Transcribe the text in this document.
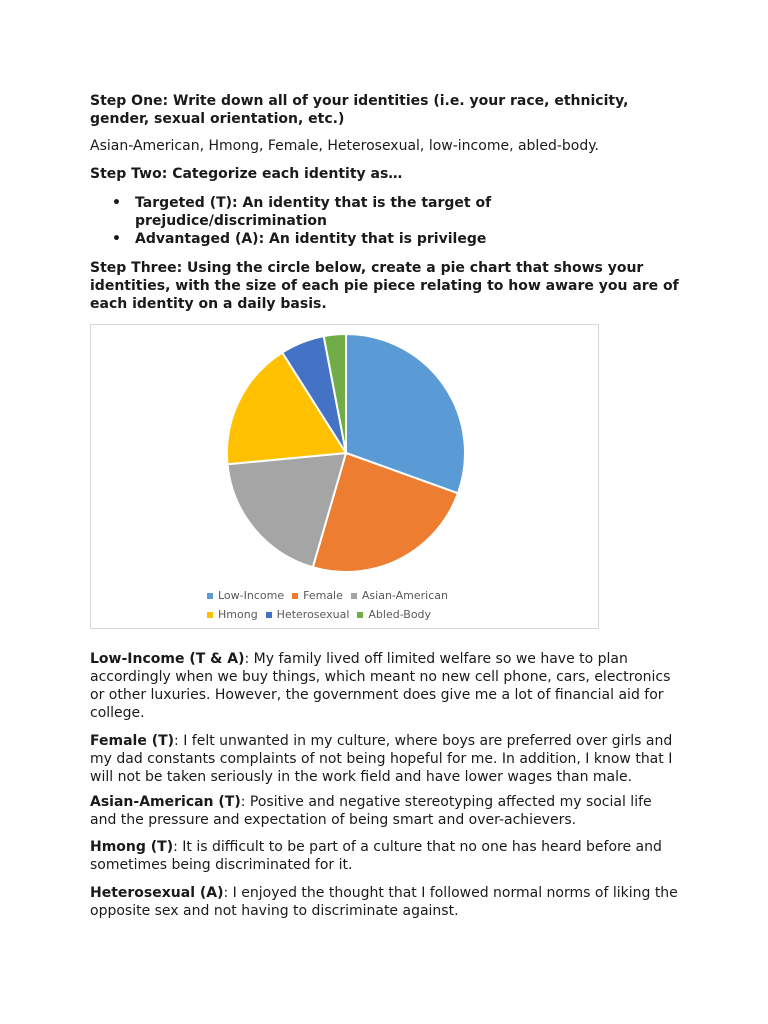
Step One: Write down all of your identities (i.e. your race, ethnicity, gender, sexual orientation, etc.)

Asian-American, Hmong, Female, Heterosexual, low-income, abled-body.

Step Two: Categorize each identity as…

• Targeted (T): An identity that is the target of prejudice/discrimination
• Advantaged (A): An identity that is privilege

Step Three: Using the circle below, create a pie chart that shows your identities, with the size of each pie piece relating to how aware you are of each identity on a daily basis.

Low-Income Female Asian-American
Hmong Heterosexual Abled-Body

Low-Income (T & A): My family lived off limited welfare so we have to plan accordingly when we buy things, which meant no new cell phone, cars, electronics or other luxuries. However, the government does give me a lot of financial aid for college.

Female (T): I felt unwanted in my culture, where boys are preferred over girls and my dad constants complaints of not being hopeful for me. In addition, I know that I will not be taken seriously in the work field and have lower wages than male.

Asian-American (T): Positive and negative stereotyping affected my social life and the pressure and expectation of being smart and over-achievers.

Hmong (T): It is difficult to be part of a culture that no one has heard before and sometimes being discriminated for it.

Heterosexual (A): I enjoyed the thought that I followed normal norms of liking the opposite sex and not having to discriminate against.
